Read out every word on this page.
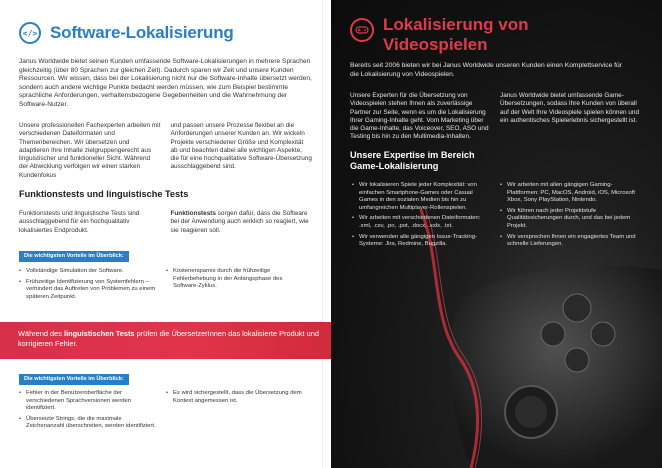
</> Software-Lokalisierung
Janus Worldwide bietet seinen Kunden umfassende Software-Lokalisierungen in mehrere Sprachen gleichzeitig (über 80 Sprachen zur gleichen Zeit). Dadurch sparen wir Zeit und unsere Kunden Ressourcen. Wir wissen, dass bei der Lokalisierung nicht nur die Software-Inhalte übersetzt werden, sondern auch andere wichtige Punkte bedacht werden müssen, wie zum Beispiel bestimmte sprachliche Anforderungen, verhaltensbezogene Gegebenheiten und die Wahrnehmung der Software-Nutzer.
Unsere professionellen Fachexperten arbeiten mit verschiedenen Dateiformaten und Themenbereichen. Wir übersetzen und adaptieren Ihre Inhalte zielgruppengerecht aus linguistischer und funktioneller Sicht. Während der Abwicklung verfolgen wir einen starken Kundenfokus
und passen unsere Prozesse flexibel an die Anforderungen unserer Kunden an. Wir wickeln Projekte verschiedener Größe und Komplexität ab und beachten dabei alle wichtigen Aspekte, die für eine hochqualitative Software-Übersetzung ausschlaggebend sind.
Funktionstests und linguistische Tests
Funktionstests und linguistische Tests sind ausschlaggebend für ein hochqualitativ lokalisiertes Endprodukt.
Funktionstests sorgen dafür, dass die Software bei der Anwendung auch wirklich so reagiert, wie sie reagieren soll.
Die wichtigsten Vorteile im Überblick:
• Vollständige Simulation der Software.
• Frühzeitige Identifizierung von Systemfehlern – verhindert das Auftreten von Problemen zu einem späteren Zeitpunkt.
• Kostenersparnis durch die frühzeitige Fehlerbehebung in der Anfangsphase des Software-Zyklus.
Während des linguistischen Tests prüfen die ÜbersetzerInnen das lokalisierte Produkt und korrigieren Fehler.
Die wichtigsten Vorteile im Überblick:
• Fehler in der Benutzeroberfläche der verschiedenen Sprachversionen werden identifiziert.
• Überseizte Strings, die die maximale Zeichenanzahl überschreiten, werden identifiziert.
• Es wird sichergestellt, dass die Übersetzung dem Kontext angemessen ist.
Lokalisierung von
Videospielen
Bereits seit 2006 bieten wir bei Janus Worldwide unseren Kunden einen Komplettservice für die Lokalisierung von Videospielen.
Unsere Experten für die Übersetzung von Videospielen stehen Ihnen als zuverlässige Partner zur Seite, wenn es um die Lokalisierung Ihrer Gaming-Inhalte geht. Vom Marketing über die Game-Inhalte, das Voiceover, SEO, ASO und Testing bis hin zu den Multimedia-Inhalten.
Janus Worldwide bietet umfassende Game-Übersetzungen, sodass Ihre Kunden von überall auf der Welt Ihre Videospiele spielen können und ein authentisches Spielerlebnis sichergestellt ist.
Unsere Expertise im Bereich
Game-Lokalisierung
• Wir lokalisieren Spiele jeder Komplexität: von einfachen Smartphone-Games oder Casual Games in den sozialen Medien bis hin zu umfangreichen Multiplayer-Rollenspielen.
• Wir arbeiten mit verschiedenen Dateiformaten: .xml, .csv, .po, .pot, .docx, .xslx, .txt.
• Wir verwenden alle gängigen Issue-Tracking-Systeme: Jira, Redmine, Bugzilla.
• Wir arbeiten mit allen gängigen Gaming-Plattformen: PC, MacOS, Android, iOS, Microsoft Xbox, Sony PlayStation, Nintendo.
• Wir führen nach jeder Projektstufe Qualitätssicherungen durch, und das bei jedem Projekt.
• Wir versprechen Ihnen ein engagiertes Team und schnelle Lieferungen.
